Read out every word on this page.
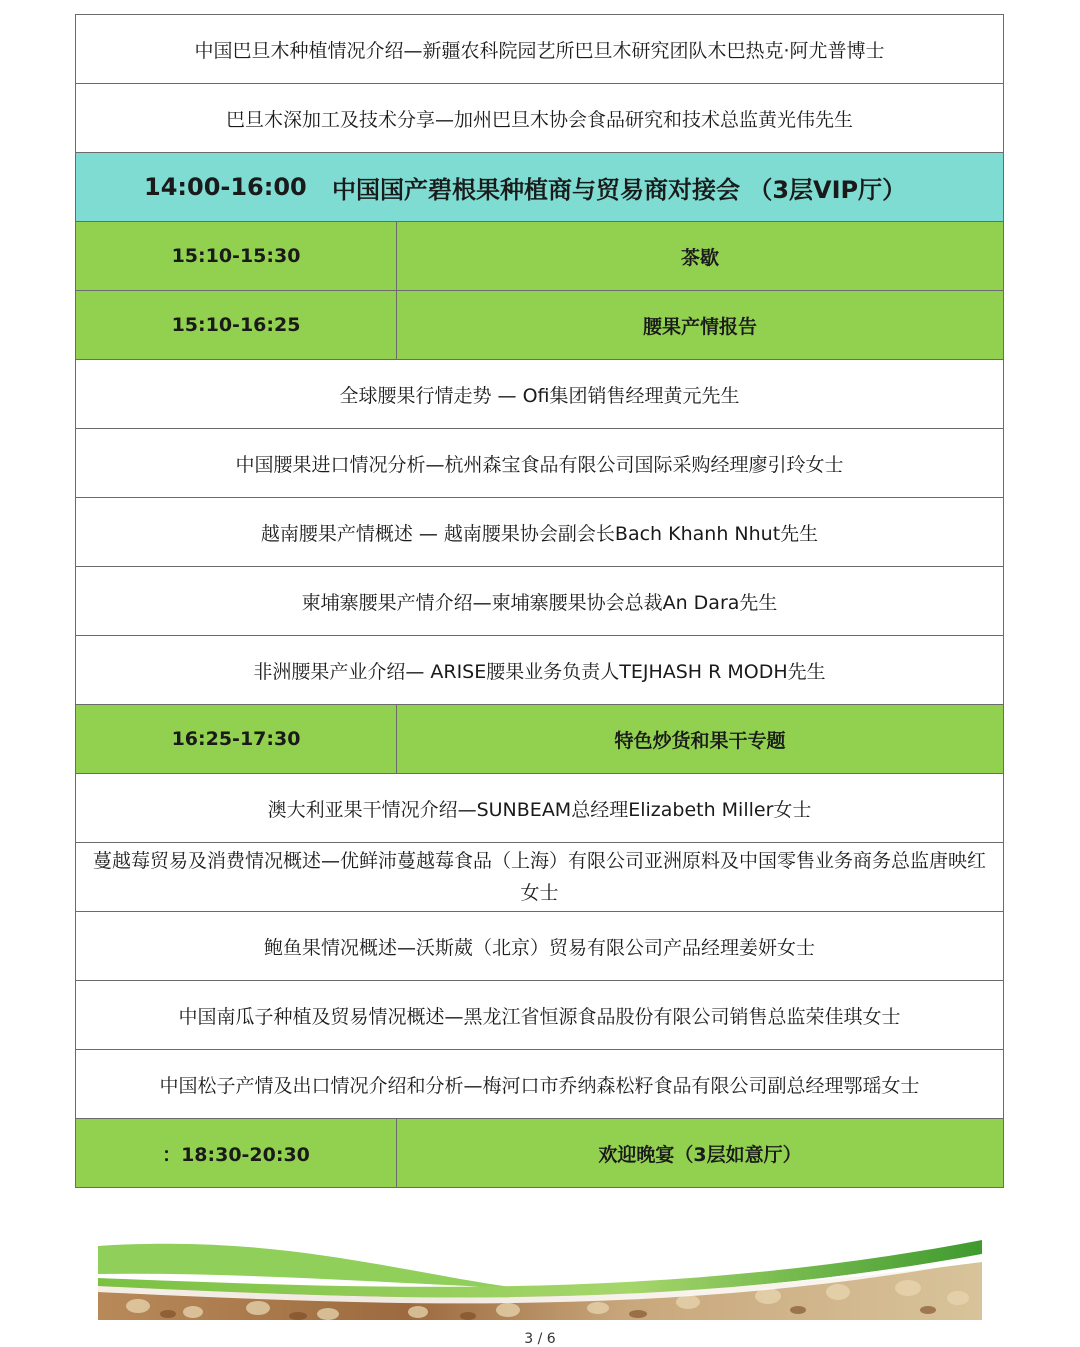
中国巴旦木种植情况介绍—新疆农科院园艺所巴旦木研究团队木巴热克·阿尤普博士
巴旦木深加工及技术分享—加州巴旦木协会食品研究和技术总监黄光伟先生
14:00-16:00 中国国产碧根果种植商与贸易商对接会 （3层VIP厅）
15:10-15:30	茶歇
15:10-16:25	腰果产情报告
全球腰果行情走势 — Ofi集团销售经理黄元先生
中国腰果进口情况分析—杭州森宝食品有限公司国际采购经理廖引玲女士
越南腰果产情概述 — 越南腰果协会副会长Bach Khanh Nhut先生
柬埔寨腰果产情介绍—柬埔寨腰果协会总裁An Dara先生
非洲腰果产业介绍— ARISE腰果业务负责人TEJHASH R MODH先生
16:25-17:30	特色炒货和果干专题
澳大利亚果干情况介绍—SUNBEAM总经理Elizabeth Miller女士
蔓越莓贸易及消费情况概述—优鲜沛蔓越莓食品（上海）有限公司亚洲原料及中国零售业务商务总监唐映红女士
鲍鱼果情况概述—沃斯葳（北京）贸易有限公司产品经理姜妍女士
中国南瓜子种植及贸易情况概述—黑龙江省恒源食品股份有限公司销售总监荣佳琪女士
中国松子产情及出口情况介绍和分析—梅河口市乔纳森松籽食品有限公司副总经理鄂瑶女士
：18:30-20:30	欢迎晚宴（3层如意厅）
3 / 6
